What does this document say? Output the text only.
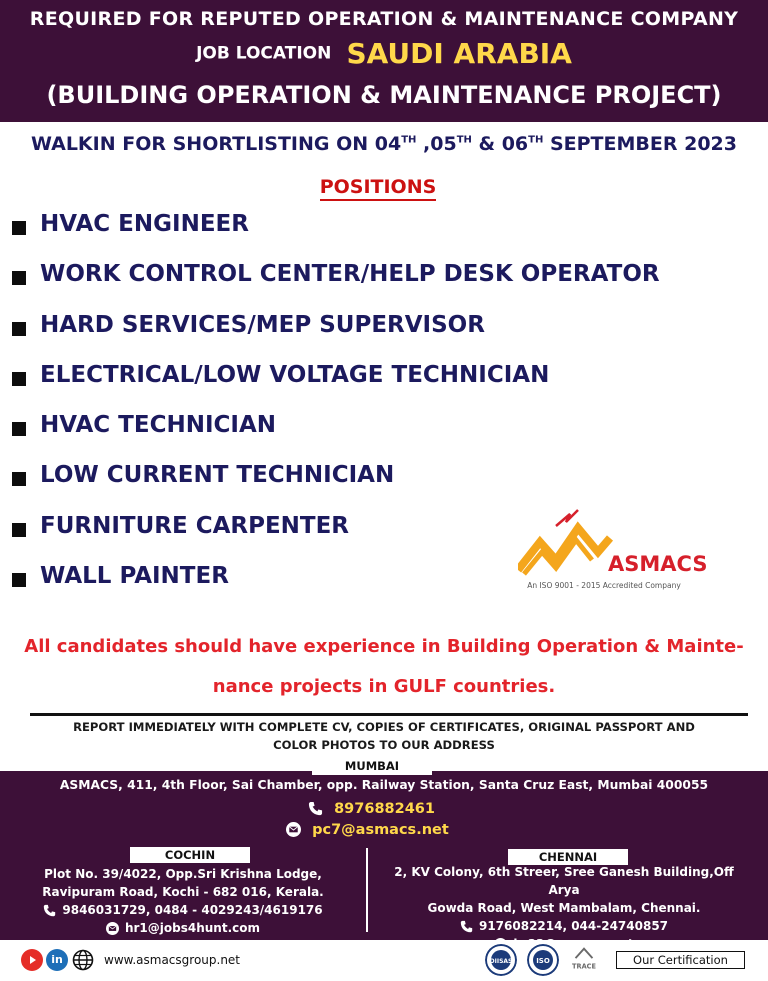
REQUIRED FOR REPUTED OPERATION & MAINTENANCE COMPANY
JOB LOCATION SAUDI ARABIA
(BUILDING OPERATION & MAINTENANCE PROJECT)
WALKIN FOR SHORTLISTING ON 04TH ,05TH & 06TH SEPTEMBER 2023
POSITIONS
HVAC ENGINEER
WORK CONTROL CENTER/HELP DESK OPERATOR
HARD SERVICES/MEP SUPERVISOR
ELECTRICAL/LOW VOLTAGE TECHNICIAN
HVAC TECHNICIAN
LOW CURRENT TECHNICIAN
FURNITURE CARPENTER
WALL PAINTER	ASMACS
An ISO 9001 - 2015 Accredited Company
All candidates should have experience in Building Operation & Mainte-
nance projects in GULF countries.
REPORT IMMEDIATELY WITH COMPLETE CV, COPIES OF CERTIFICATES, ORIGINAL PASSPORT AND
COLOR PHOTOS TO OUR ADDRESS
ASMACS, 411, 4th Floor, Sai Chamber, opp. Railway Station, Santa Cruz East, Mumbai 400055
8976882461
pc7@asmacs.net
MUMBAI
COCHIN
Plot No. 39/4022, Opp.Sri Krishna Lodge,
Ravipuram Road, Kochi - 682 016, Kerala.
9846031729, 0484 - 4029243/4619176
hr1@jobs4hunt.com
CHENNAI
2, KV Colony, 6th Streer, Sree Ganesh Building,Off Arya
Gowda Road, West Mambalam, Chennai.
9176082214, 044-24740857
in	www.asmacsgroup.net	DIISAS	ISO
TRACE	Our Certification
